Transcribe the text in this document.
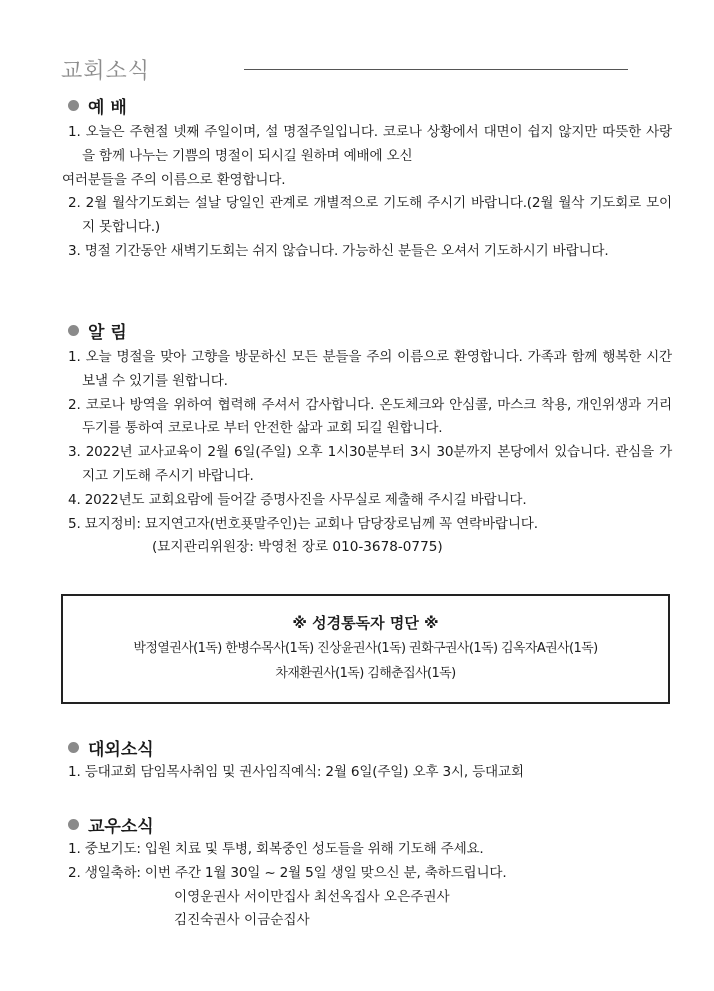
교회소식
예 배
1. 오늘은 주현절 넷째 주일이며, 설 명절주일입니다. 코로나 상황에서 대면이 쉽지 않지만 따뜻한 사랑을 함께 나누는 기쁨의 명절이 되시길 원하며 예배에 오신
여러분들을 주의 이름으로 환영합니다.
2. 2월 월삭기도회는 설날 당일인 관계로 개별적으로 기도해 주시기 바랍니다.(2월 월삭 기도회로 모이지 못합니다.)
3. 명절 기간동안 새벽기도회는 쉬지 않습니다. 가능하신 분들은 오셔서 기도하시기 바랍니다.
알 림
1. 오늘 명절을 맞아 고향을 방문하신 모든 분들을 주의 이름으로 환영합니다. 가족과 함께 행복한 시간 보낼 수 있기를 원합니다.
2. 코로나 방역을 위하여 협력해 주셔서 감사합니다. 온도체크와 안심콜, 마스크 착용, 개인위생과 거리두기를 통하여 코로나로 부터 안전한 삶과 교회 되길 원합니다.
3. 2022년 교사교육이 2월 6일(주일) 오후 1시30분부터 3시 30분까지 본당에서 있습니다. 관심을 가지고 기도해 주시기 바랍니다.
4. 2022년도 교회요람에 들어갈 증명사진을 사무실로 제출해 주시길 바랍니다.
5. 묘지정비: 묘지연고자(번호푯말주인)는 교회나 담당장로님께 꼭 연락바랍니다.
(묘지관리위원장: 박영천 장로 010-3678-0775)
※ 성경통독자 명단 ※
박정열권사(1독) 한병수목사(1독) 진상윤권사(1독) 권화구권사(1독) 김옥자A권사(1독)
차재환권사(1독) 김해춘집사(1독)
대외소식
1. 등대교회 담임목사취임 및 권사임직예식: 2월 6일(주일) 오후 3시, 등대교회
교우소식
1. 중보기도: 입원 치료 및 투병, 회복중인 성도들을 위해 기도해 주세요.
2. 생일축하: 이번 주간 1월 30일 ~ 2월 5일 생일 맞으신 분, 축하드립니다.
이영운권사 서이만집사 최선옥집사 오은주권사
김진숙권사 이금순집사
